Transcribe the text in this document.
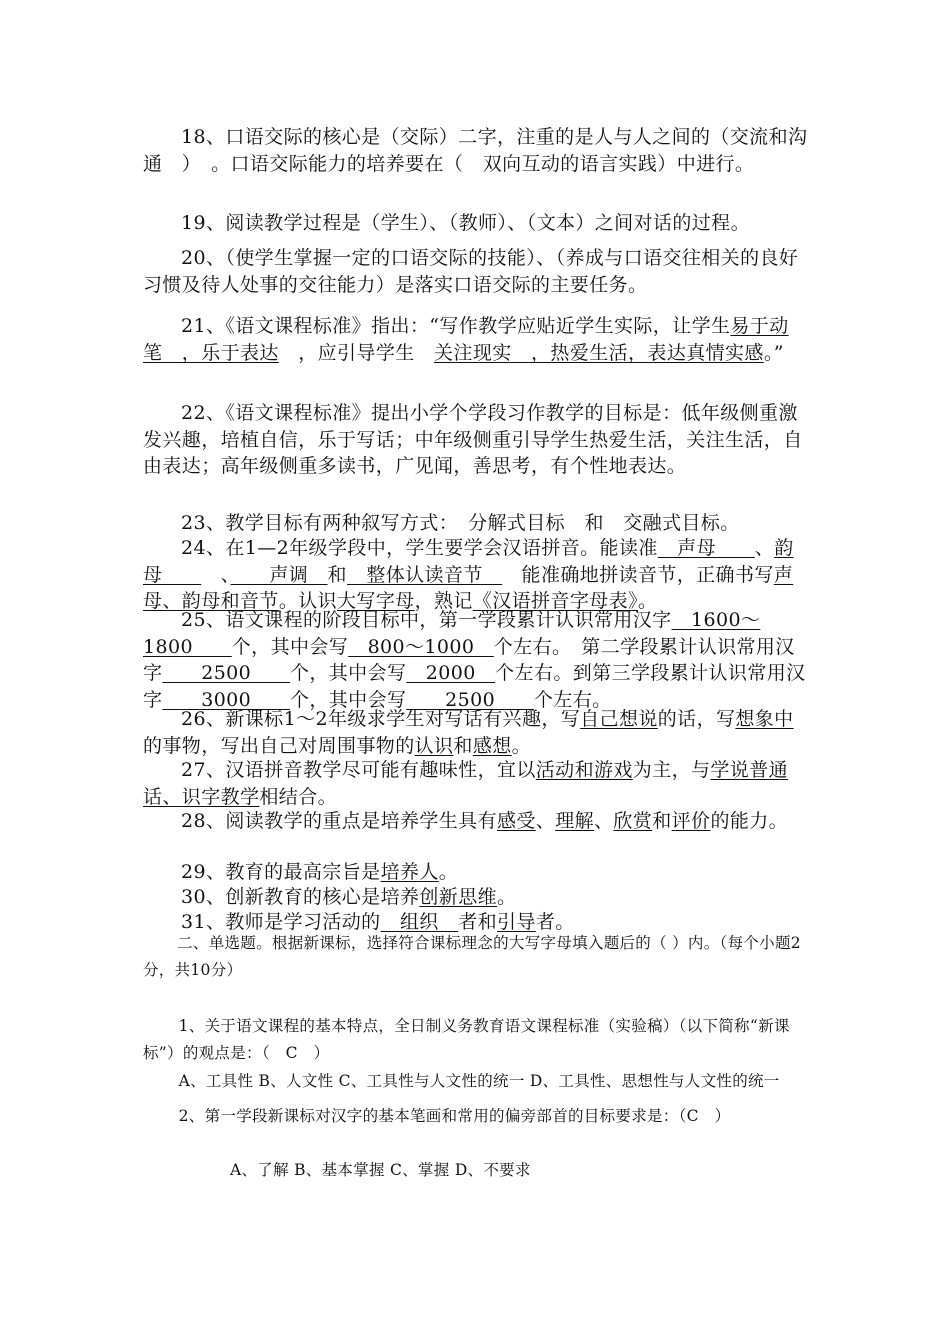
18、口语交际的核心是（交际）二字，注重的是人与人之间的（交流和沟通　）　。口语交际能力的培养要在（　双向互动的语言实践）中进行。

19、阅读教学过程是（学生）、（教师）、（文本）之间对话的过程。

20、（使学生掌握一定的口语交际的技能）、（养成与口语交往相关的良好习惯及待人处事的交往能力）是落实口语交际的主要任务。

21、《语文课程标准》指出：“写作教学应贴近学生实际，让学生易于动笔　，乐于表达　，应引导学生　关注现实　，热爱生活，表达真情实感。”

22、《语文课程标准》提出小学个学段习作教学的目标是：低年级侧重激发兴趣，培植自信，乐于写话；中年级侧重引导学生热爱生活，关注生活，自由表达；高年级侧重多读书，广见闻，善思考，有个性地表达。

23、教学目标有两种叙写方式：　分解式目标　和　交融式目标。

24、在1—2年级学段中，学生要学会汉语拼音。能读准　声母　　、韵母　　　、　　声调　和　整体认读音节　　能准确地拼读音节，正确书写声母、韵母和音节。认识大写字母，熟记《汉语拼音字母表》。

25、语文课程的阶段目标中，第一学段累计认识常用汉字　1600～1800　　个，其中会写　800～1000　个左右。　第二学段累计认识常用汉字　　2500　　个，其中会写　2000　个左右。到第三学段累计认识常用汉字　　3000　　个，其中会写　　2500　　个左右。

26、新课标1～2年级求学生对写话有兴趣，写自己想说的话，写想象中的事物，写出自己对周围事物的认识和感想。

27、汉语拼音教学尽可能有趣味性，宜以活动和游戏为主，与学说普通话、识字教学相结合。

28、阅读教学的重点是培养学生具有感受、理解、欣赏和评价的能力。

29、教育的最高宗旨是培养人。

30、创新教育的核心是培养创新思维。

31、教师是学习活动的　组织　者和引导者。

二、单选题。根据新课标，选择符合课标理念的大写字母填入题后的（ ）内。（每个小题2分，共10分）

1、关于语文课程的基本特点，全日制义务教育语文课程标准（实验稿）（以下简称“新课标”）的观点是：（　C　）

A、工具性 B、人文性 C、工具性与人文性的统一 D、工具性、思想性与人文性的统一

2、第一学段新课标对汉字的基本笔画和常用的偏旁部首的目标要求是：（C　）

A、了解 B、基本掌握 C、掌握 D、不要求
